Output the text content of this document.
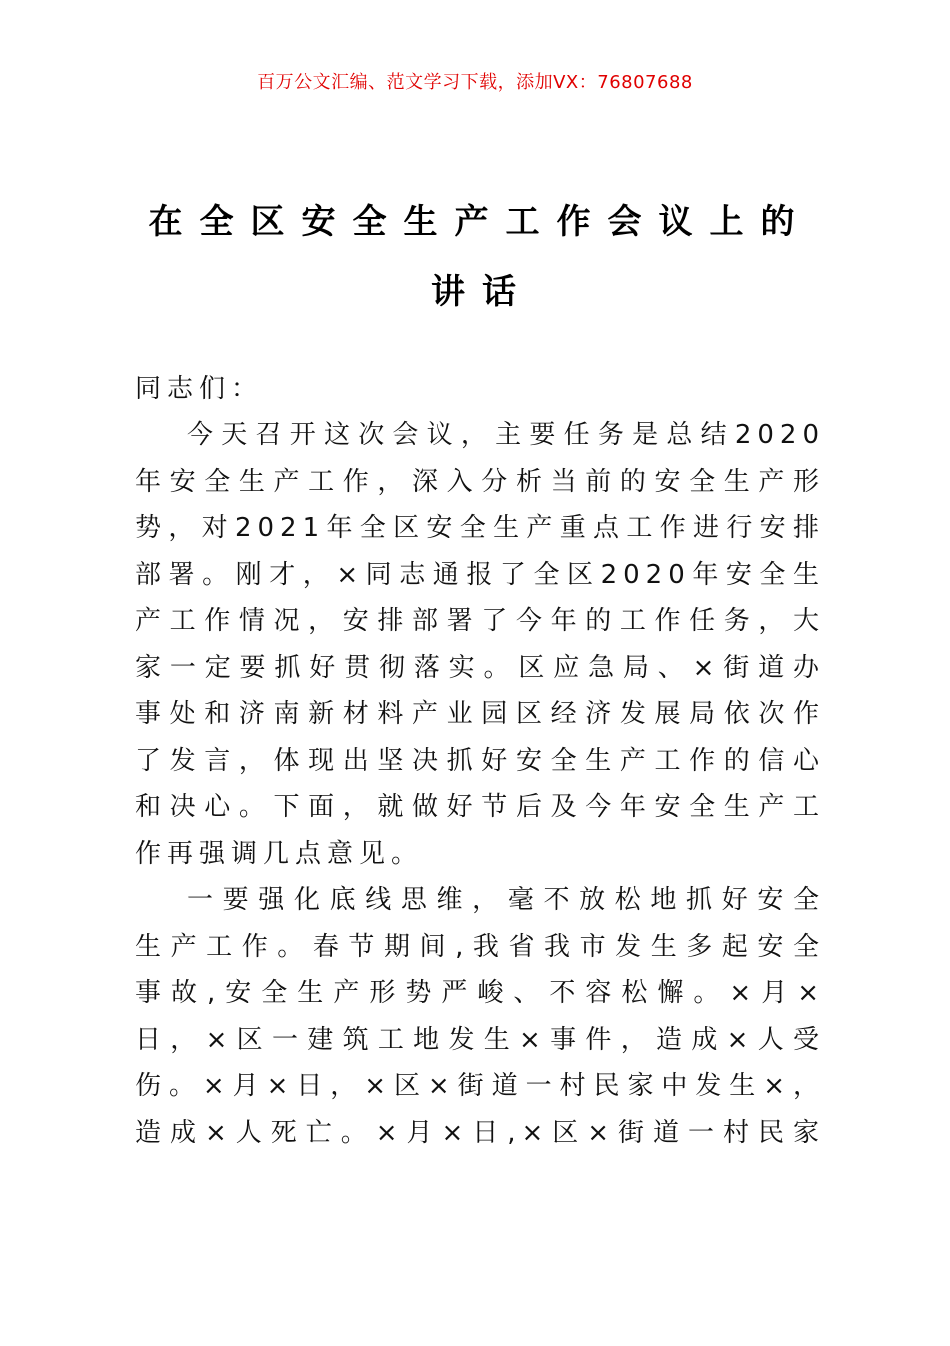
百万公文汇编、范文学习下载，添加VX：76807688
在全区安全生产工作会议上的
讲话
同志们：
今天召开这次会议，主要任务是总结2020
年安全生产工作，深入分析当前的安全生产形
势，对2021年全区安全生产重点工作进行安排
部署。刚才，×同志通报了全区2020年安全生
产工作情况，安排部署了今年的工作任务，大
家一定要抓好贯彻落实。区应急局、×街道办
事处和济南新材料产业园区经济发展局依次作
了发言，体现出坚决抓好安全生产工作的信心
和决心。下面，就做好节后及今年安全生产工
作再强调几点意见。
一要强化底线思维，毫不放松地抓好安全
生产工作。春节期间,我省我市发生多起安全
事故,安全生产形势严峻、不容松懈。×月×
日，×区一建筑工地发生×事件，造成×人受
伤。×月×日，×区×街道一村民家中发生×，
造成×人死亡。×月×日,×区×街道一村民家
